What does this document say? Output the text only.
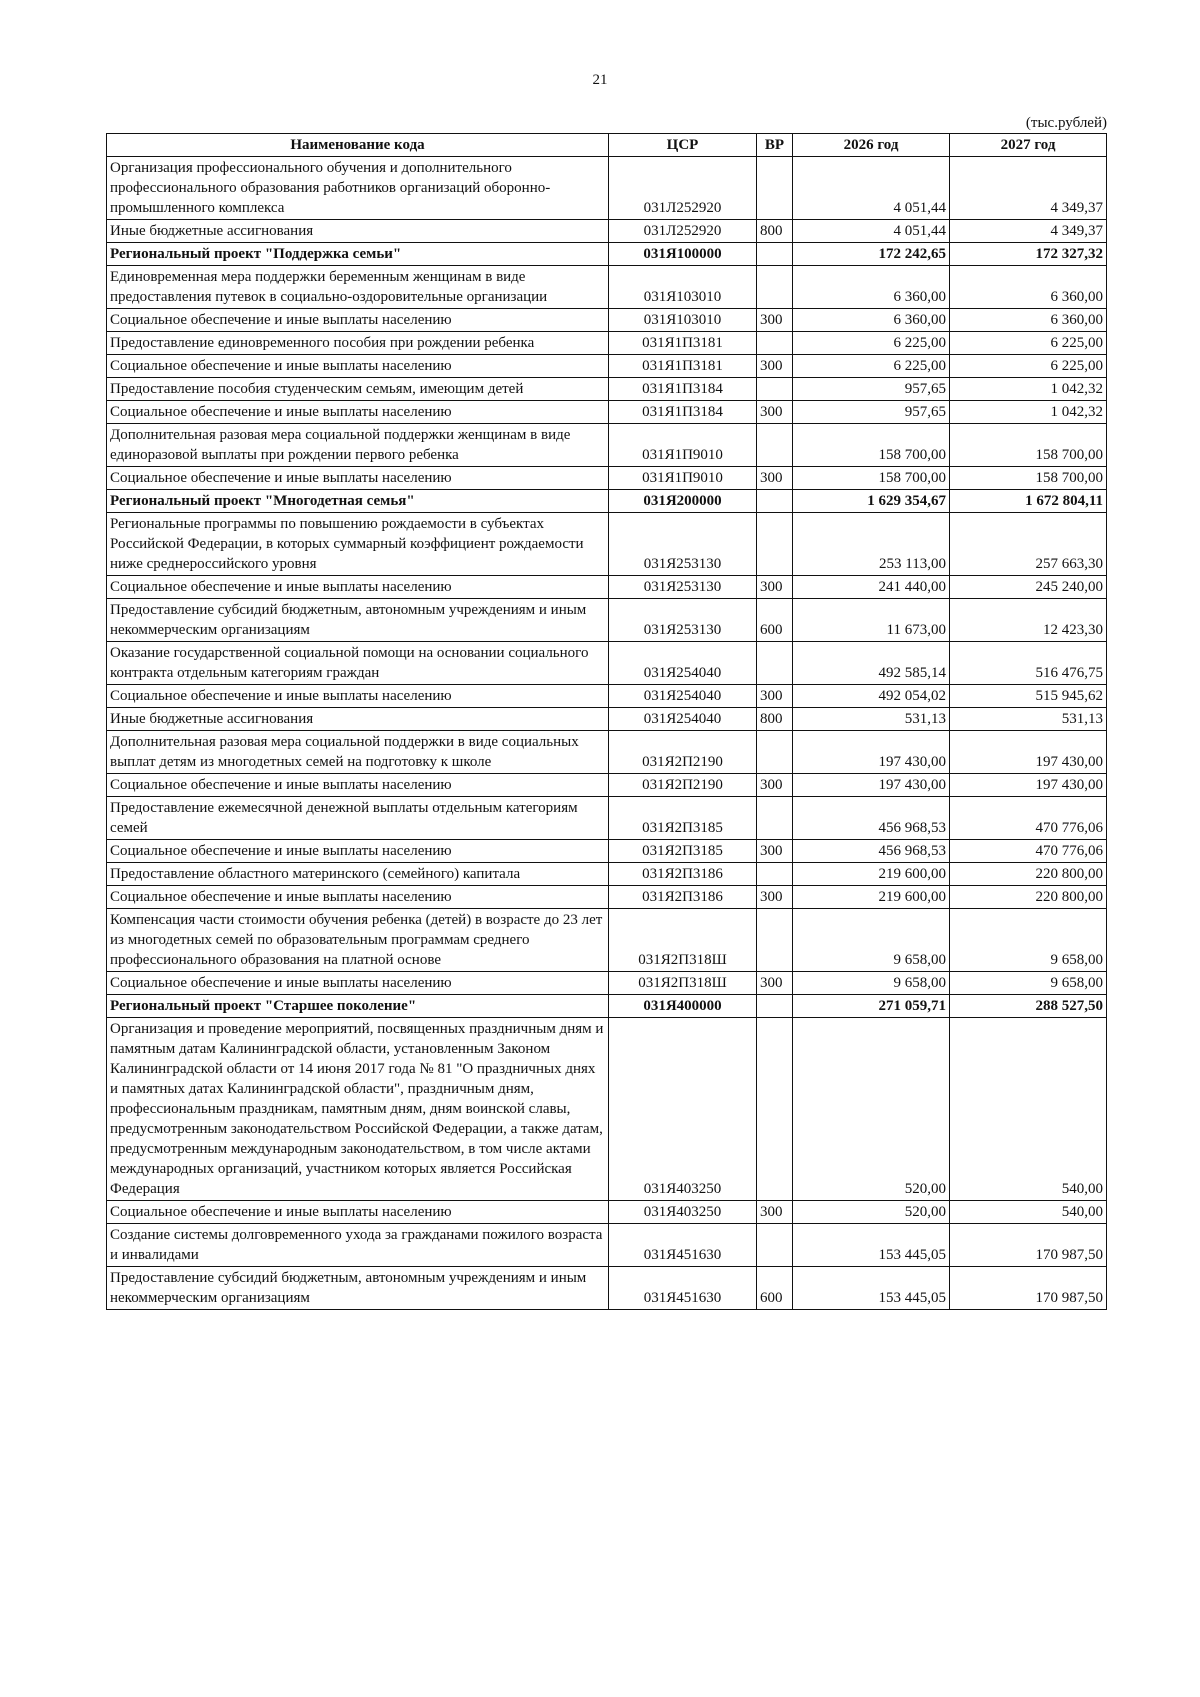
21
(тыс.рублей)
Наименование кода	ЦСР	ВР	2026 год	2027 год
Организация профессионального обучения и дополнительного профессионального образования работников организаций оборонно-промышленного комплекса	031Л252920		4 051,44	4 349,37
Иные бюджетные ассигнования	031Л252920	800	4 051,44	4 349,37
Региональный проект "Поддержка семьи"	031Я100000		172 242,65	172 327,32
Единовременная мера поддержки беременным женщинам в виде предоставления путевок в социально-оздоровительные организации	031Я103010		6 360,00	6 360,00
Социальное обеспечение и иные выплаты населению	031Я103010	300	6 360,00	6 360,00
Предоставление единовременного пособия при рождении ребенка	031Я1П3181		6 225,00	6 225,00
Социальное обеспечение и иные выплаты населению	031Я1П3181	300	6 225,00	6 225,00
Предоставление пособия студенческим семьям, имеющим детей	031Я1П3184		957,65	1 042,32
Социальное обеспечение и иные выплаты населению	031Я1П3184	300	957,65	1 042,32
Дополнительная разовая мера социальной поддержки женщинам в виде единоразовой выплаты при рождении первого ребенка	031Я1П9010		158 700,00	158 700,00
Социальное обеспечение и иные выплаты населению	031Я1П9010	300	158 700,00	158 700,00
Региональный проект "Многодетная семья"	031Я200000		1 629 354,67	1 672 804,11
Региональные программы по повышению рождаемости в субъектах Российской Федерации, в которых суммарный коэффициент рождаемости ниже среднероссийского уровня	031Я253130		253 113,00	257 663,30
Социальное обеспечение и иные выплаты населению	031Я253130	300	241 440,00	245 240,00
Предоставление субсидий бюджетным, автономным учреждениям и иным некоммерческим организациям	031Я253130	600	11 673,00	12 423,30
Оказание государственной социальной помощи на основании социального контракта отдельным категориям граждан	031Я254040		492 585,14	516 476,75
Социальное обеспечение и иные выплаты населению	031Я254040	300	492 054,02	515 945,62
Иные бюджетные ассигнования	031Я254040	800	531,13	531,13
Дополнительная разовая мера социальной поддержки в виде социальных выплат детям из многодетных семей на подготовку к школе	031Я2П2190		197 430,00	197 430,00
Социальное обеспечение и иные выплаты населению	031Я2П2190	300	197 430,00	197 430,00
Предоставление ежемесячной денежной выплаты отдельным категориям семей	031Я2П3185		456 968,53	470 776,06
Социальное обеспечение и иные выплаты населению	031Я2П3185	300	456 968,53	470 776,06
Предоставление областного материнского (семейного) капитала	031Я2П3186		219 600,00	220 800,00
Социальное обеспечение и иные выплаты населению	031Я2П3186	300	219 600,00	220 800,00
Компенсация части стоимости обучения ребенка (детей) в возрасте до 23 лет из многодетных семей по образовательным программам среднего профессионального образования на платной основе	031Я2П318Ш		9 658,00	9 658,00
Социальное обеспечение и иные выплаты населению	031Я2П318Ш	300	9 658,00	9 658,00
Региональный проект "Старшее поколение"	031Я400000		271 059,71	288 527,50
Организация и проведение мероприятий, посвященных праздничным дням и памятным датам Калининградской области, установленным Законом Калининградской области от 14 июня 2017 года № 81 "О праздничных днях и памятных датах Калининградской области", праздничным дням, профессиональным праздникам, памятным дням, дням воинской славы, предусмотренным законодательством Российской Федерации, а также датам, предусмотренным международным законодательством, в том числе актами международных организаций, участником которых является Российская Федерация	031Я403250		520,00	540,00
Социальное обеспечение и иные выплаты населению	031Я403250	300	520,00	540,00
Создание системы долговременного ухода за гражданами пожилого возраста и инвалидами	031Я451630		153 445,05	170 987,50
Предоставление субсидий бюджетным, автономным учреждениям и иным некоммерческим организациям	031Я451630	600	153 445,05	170 987,50
